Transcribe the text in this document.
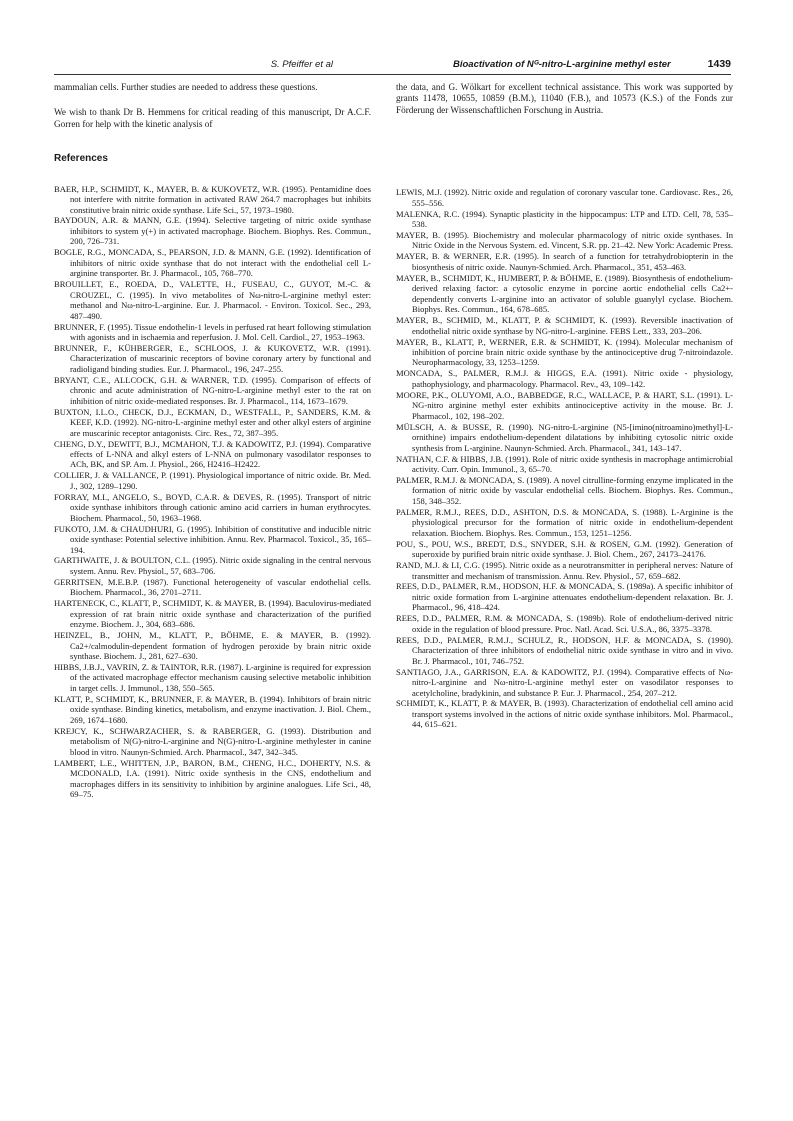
S. Pfeiffer et al	Bioactivation of Nᴳ-nitro-L-arginine methyl ester	1439

mammalian cells. Further studies are needed to address these questions.

We wish to thank Dr B. Hemmens for critical reading of this manuscript, Dr A.C.F. Gorren for help with the kinetic analysis of

References

BAER, H.P., SCHMIDT, K., MAYER, B. & KUKOVETZ, W.R. (1995). Pentamidine does not interfere with nitrite formation in activated RAW 264.7 macrophages but inhibits constitutive brain nitric oxide synthase. Life Sci., 57, 1973–1980.

BAYDOUN, A.R. & MANN, G.E. (1994). Selective targeting of nitric oxide synthase inhibitors to system y(+) in activated macrophage. Biochem. Biophys. Res. Commun., 200, 726–731.

BOGLE, R.G., MONCADA, S., PEARSON, J.D. & MANN, G.E. (1992). Identification of inhibitors of nitric oxide synthase that do not interact with the endothelial cell L-arginine transporter. Br. J. Pharmacol., 105, 768–770.

BROUILLET, E., ROEDA, D., VALETTE, H., FUSEAU, C., GUYOT, M.-C. & CROUZEL, C. (1995). In vivo metabolites of Nω-nitro-L-arginine methyl ester: methanol and Nω-nitro-L-arginine. Eur. J. Pharmacol. - Environ. Toxicol. Sec., 293, 487–490.

BRUNNER, F. (1995). Tissue endothelin-1 levels in perfused rat heart following stimulation with agonists and in ischaemia and reperfusion. J. Mol. Cell. Cardiol., 27, 1953–1963.

BRUNNER, F., KÜHBERGER, E., SCHLOOS, J. & KUKOVETZ, W.R. (1991). Characterization of muscarinic receptors of bovine coronary artery by functional and radioligand binding studies. Eur. J. Pharmacol., 196, 247–255.

BRYANT, C.E., ALLCOCK, G.H. & WARNER, T.D. (1995). Comparison of effects of chronic and acute administration of NG-nitro-L-arginine methyl ester to the rat on inhibition of nitric oxide-mediated responses. Br. J. Pharmacol., 114, 1673–1679.

BUXTON, I.L.O., CHECK, D.J., ECKMAN, D., WESTFALL, P., SANDERS, K.M. & KEEF, K.D. (1992). NG-nitro-L-arginine methyl ester and other alkyl esters of arginine are muscarinic receptor antagonists. Circ. Res., 72, 387–395.

CHENG, D.Y., DEWITT, B.J., MCMAHON, T.J. & KADOWITZ, P.J. (1994). Comparative effects of L-NNA and alkyl esters of L-NNA on pulmonary vasodilator responses to ACh, BK, and SP. Am. J. Physiol., 266, H2416–H2422.

COLLIER, J. & VALLANCE, P. (1991). Physiological importance of nitric oxide. Br. Med. J., 302, 1289–1290.

FORRAY, M.I., ANGELO, S., BOYD, C.A.R. & DEVES, R. (1995). Transport of nitric oxide synthase inhibitors through cationic amino acid carriers in human erythrocytes. Biochem. Pharmacol., 50, 1963–1968.

FUKOTO, J.M. & CHAUDHURI, G. (1995). Inhibition of constitutive and inducible nitric oxide synthase: Potential selective inhibition. Annu. Rev. Pharmacol. Toxicol., 35, 165–194.

GARTHWAITE, J. & BOULTON, C.L. (1995). Nitric oxide signaling in the central nervous system. Annu. Rev. Physiol., 57, 683–706.

GERRITSEN, M.E.B.P. (1987). Functional heterogeneity of vascular endothelial cells. Biochem. Pharmacol., 36, 2701–2711.

HARTENECK, C., KLATT, P., SCHMIDT, K. & MAYER, B. (1994). Baculovirus-mediated expression of rat brain nitric oxide synthase and characterization of the purified enzyme. Biochem. J., 304, 683–686.

HEINZEL, B., JOHN, M., KLATT, P., BÖHME, E. & MAYER, B. (1992). Ca2+/calmodulin-dependent formation of hydrogen peroxide by brain nitric oxide synthase. Biochem. J., 281, 627–630.

HIBBS, J.B.J., VAVRIN, Z. & TAINTOR, R.R. (1987). L-arginine is required for expression of the activated macrophage effector mechanism causing selective metabolic inhibition in target cells. J. Immunol., 138, 550–565.

KLATT, P., SCHMIDT, K., BRUNNER, F. & MAYER, B. (1994). Inhibitors of brain nitric oxide synthase. Binding kinetics, metabolism, and enzyme inactivation. J. Biol. Chem., 269, 1674–1680.

KREJCY, K., SCHWARZACHER, S. & RABERGER, G. (1993). Distribution and metabolism of N(G)-nitro-L-arginine and N(G)-nitro-L-arginine methylester in canine blood in vitro. Naunyn-Schmied. Arch. Pharmacol., 347, 342–345.

LAMBERT, L.E., WHITTEN, J.P., BARON, B.M., CHENG, H.C., DOHERTY, N.S. & MCDONALD, I.A. (1991). Nitric oxide synthesis in the CNS, endothelium and macrophages differs in its sensitivity to inhibition by arginine analogues. Life Sci., 48, 69–75.

the data, and G. Wölkart for excellent technical assistance. This work was supported by grants 11478, 10655, 10859 (B.M.), 11040 (F.B.), and 10573 (K.S.) of the Fonds zur Förderung der Wissenschaftlichen Forschung in Austria.

LEWIS, M.J. (1992). Nitric oxide and regulation of coronary vascular tone. Cardiovasc. Res., 26, 555–556.

MALENKA, R.C. (1994). Synaptic plasticity in the hippocampus: LTP and LTD. Cell, 78, 535–538.

MAYER, B. (1995). Biochemistry and molecular pharmacology of nitric oxide synthases. In Nitric Oxide in the Nervous System. ed. Vincent, S.R. pp. 21–42. New York: Academic Press.

MAYER, B. & WERNER, E.R. (1995). In search of a function for tetrahydrobiopterin in the biosynthesis of nitric oxide. Naunyn-Schmied. Arch. Pharmacol., 351, 453–463.

MAYER, B., SCHMIDT, K., HUMBERT, P. & BÖHME, E. (1989). Biosynthesis of endothelium-derived relaxing factor: a cytosolic enzyme in porcine aortic endothelial cells Ca2+-dependently converts L-arginine into an activator of soluble guanylyl cyclase. Biochem. Biophys. Res. Commun., 164, 678–685.

MAYER, B., SCHMID, M., KLATT, P. & SCHMIDT, K. (1993). Reversible inactivation of endothelial nitric oxide synthase by NG-nitro-L-arginine. FEBS Lett., 333, 203–206.

MAYER, B., KLATT, P., WERNER, E.R. & SCHMIDT, K. (1994). Molecular mechanism of inhibition of porcine brain nitric oxide synthase by the antinociceptive drug 7-nitroindazole. Neuropharmacology, 33, 1253–1259.

MONCADA, S., PALMER, R.M.J. & HIGGS, E.A. (1991). Nitric oxide - physiology, pathophysiology, and pharmacology. Pharmacol. Rev., 43, 109–142.

MOORE, P.K., OLUYOMI, A.O., BABBEDGE, R.C., WALLACE, P. & HART, S.L. (1991). L-NG-nitro arginine methyl ester exhibits antinociceptive activity in the mouse. Br. J. Pharmacol., 102, 198–202.

MÜLSCH, A. & BUSSE, R. (1990). NG-nitro-L-arginine (N5-[imino(nitroamino)methyl]-L-ornithine) impairs endothelium-dependent dilatations by inhibiting cytosolic nitric oxide synthesis from L-arginine. Naunyn-Schmied. Arch. Pharmacol., 341, 143–147.

NATHAN, C.F. & HIBBS, J.B. (1991). Role of nitric oxide synthesis in macrophage antimicrobial activity. Curr. Opin. Immunol., 3, 65–70.

PALMER, R.M.J. & MONCADA, S. (1989). A novel citrulline-forming enzyme implicated in the formation of nitric oxide by vascular endothelial cells. Biochem. Biophys. Res. Commun., 158, 348–352.

PALMER, R.M.J., REES, D.D., ASHTON, D.S. & MONCADA, S. (1988). L-Arginine is the physiological precursor for the formation of nitric oxide in endothelium-dependent relaxation. Biochem. Biophys. Res. Commun., 153, 1251–1256.

POU, S., POU, W.S., BREDT, D.S., SNYDER, S.H. & ROSEN, G.M. (1992). Generation of superoxide by purified brain nitric oxide synthase. J. Biol. Chem., 267, 24173–24176.

RAND, M.J. & LI, C.G. (1995). Nitric oxide as a neurotransmitter in peripheral nerves: Nature of transmitter and mechanism of transmission. Annu. Rev. Physiol., 57, 659–682.

REES, D.D., PALMER, R.M., HODSON, H.F. & MONCADA, S. (1989a). A specific inhibitor of nitric oxide formation from L-arginine attenuates endothelium-dependent relaxation. Br. J. Pharmacol., 96, 418–424.

REES, D.D., PALMER, R.M. & MONCADA, S. (1989b). Role of endothelium-derived nitric oxide in the regulation of blood pressure. Proc. Natl. Acad. Sci. U.S.A., 86, 3375–3378.

REES, D.D., PALMER, R.M.J., SCHULZ, R., HODSON, H.F. & MONCADA, S. (1990). Characterization of three inhibitors of endothelial nitric oxide synthase in vitro and in vivo. Br. J. Pharmacol., 101, 746–752.

SANTIAGO, J.A., GARRISON, E.A. & KADOWITZ, P.J. (1994). Comparative effects of Nω-nitro-L-arginine and Nω-nitro-L-arginine methyl ester on vasodilator responses to acetylcholine, bradykinin, and substance P. Eur. J. Pharmacol., 254, 207–212.

SCHMIDT, K., KLATT, P. & MAYER, B. (1993). Characterization of endothelial cell amino acid transport systems involved in the actions of nitric oxide synthase inhibitors. Mol. Pharmacol., 44, 615–621.
